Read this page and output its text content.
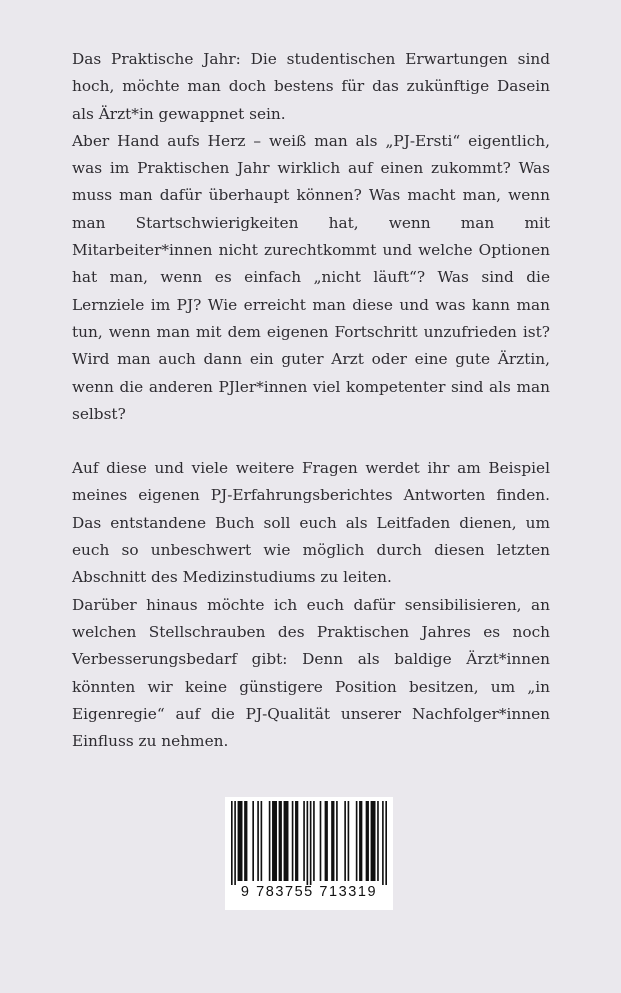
Das Praktische Jahr: Die studentischen Erwartungen sind hoch, möchte man doch bestens für das zukünftige Dasein als Ärzt*in gewappnet sein.

Aber Hand aufs Herz – weiß man als „PJ-Ersti“ eigentlich, was im Praktischen Jahr wirklich auf einen zukommt? Was muss man dafür überhaupt können? Was macht man, wenn man Startschwierigkeiten hat, wenn man mit Mitarbeiter*innen nicht zurechtkommt und welche Optionen hat man, wenn es einfach „nicht läuft“? Was sind die Lernziele im PJ? Wie erreicht man diese und was kann man tun, wenn man mit dem eigenen Fortschritt unzufrieden ist? Wird man auch dann ein guter Arzt oder eine gute Ärztin, wenn die anderen PJler*innen viel kompetenter sind als man selbst?

Auf diese und viele weitere Fragen werdet ihr am Beispiel meines eigenen PJ-Erfahrungsberichtes Antworten finden. Das entstandene Buch soll euch als Leitfaden dienen, um euch so unbeschwert wie möglich durch diesen letzten Abschnitt des Medizinstudiums zu leiten.

Darüber hinaus möchte ich euch dafür sensibilisieren, an welchen Stellschrauben des Praktischen Jahres es noch Verbesserungsbedarf gibt: Denn als baldige Ärzt*innen könnten wir keine günstigere Position besitzen, um „in Eigenregie“ auf die PJ-Qualität unserer Nachfolger*innen Einfluss zu nehmen.

9 783755 713319
